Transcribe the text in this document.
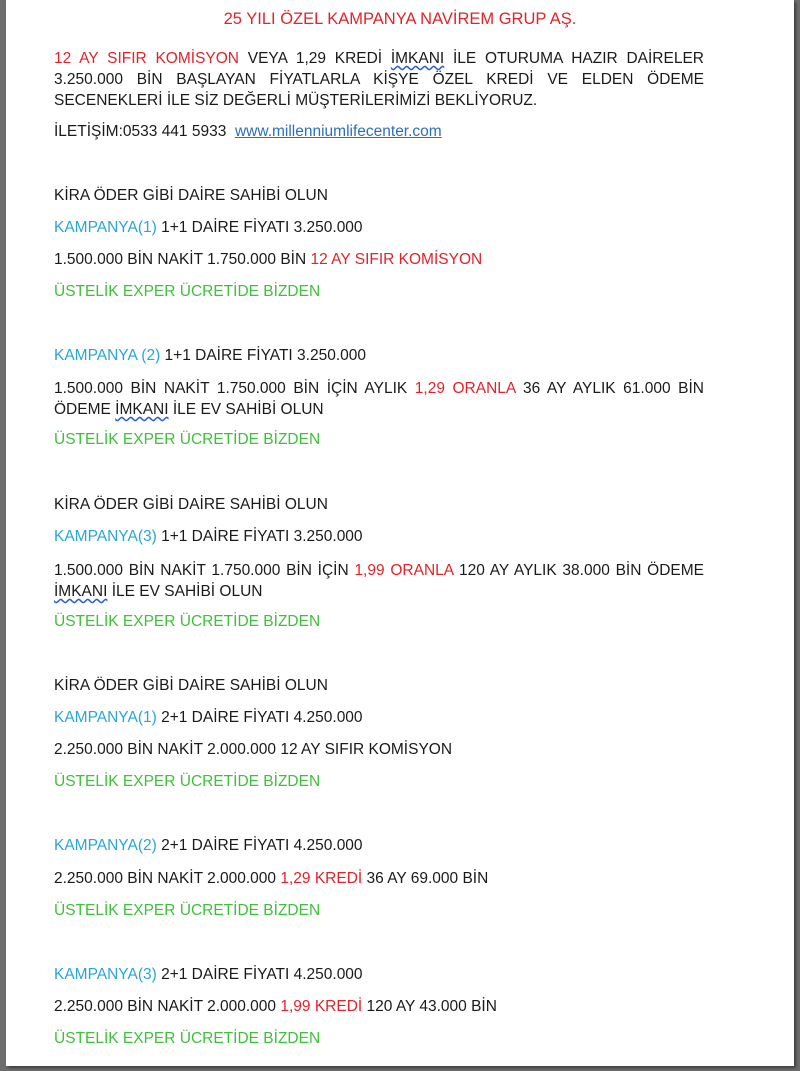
25 YILI ÖZEL KAMPANYA NAVİREM GRUP AŞ.
12 AY SIFIR KOMİSYON VEYA 1,29 KREDİ İMKANI İLE OTURUMA HAZIR DAİRELER 3.250.000 BİN BAŞLAYAN FİYATLARLA KİŞYE ÖZEL KREDİ VE ELDEN ÖDEME SECENEKLERİ İLE SİZ DEĞERLİ MÜŞTERİLERİMİZİ BEKLİYORUZ.
İLETİŞİM:0533 441 5933 www.millenniumlifecenter.com
KİRA ÖDER GİBİ DAİRE SAHİBİ OLUN
KAMPANYA(1) 1+1 DAİRE FİYATI 3.250.000
1.500.000 BİN NAKİT 1.750.000 BİN 12 AY SIFIR KOMİSYON
ÜSTELİK EXPER ÜCRETİDE BİZDEN
KAMPANYA (2) 1+1 DAİRE FİYATI 3.250.000
1.500.000 BİN NAKİT 1.750.000 BİN İÇİN AYLIK 1,29 ORANLA 36 AY AYLIK 61.000 BİN ÖDEME İMKANI İLE EV SAHİBİ OLUN
ÜSTELİK EXPER ÜCRETİDE BİZDEN
KİRA ÖDER GİBİ DAİRE SAHİBİ OLUN
KAMPANYA(3) 1+1 DAİRE FİYATI 3.250.000
1.500.000 BİN NAKİT 1.750.000 BİN İÇİN 1,99 ORANLA 120 AY AYLIK 38.000 BİN ÖDEME İMKANI İLE EV SAHİBİ OLUN
ÜSTELİK EXPER ÜCRETİDE BİZDEN
KİRA ÖDER GİBİ DAİRE SAHİBİ OLUN
KAMPANYA(1) 2+1 DAİRE FİYATI 4.250.000
2.250.000 BİN NAKİT 2.000.000 12 AY SIFIR KOMİSYON
ÜSTELİK EXPER ÜCRETİDE BİZDEN
KAMPANYA(2) 2+1 DAİRE FİYATI 4.250.000
2.250.000 BİN NAKİT 2.000.000 1,29 KREDİ 36 AY 69.000 BİN
ÜSTELİK EXPER ÜCRETİDE BİZDEN
KAMPANYA(3) 2+1 DAİRE FİYATI 4.250.000
2.250.000 BİN NAKİT 2.000.000 1,99 KREDİ 120 AY 43.000 BİN
ÜSTELİK EXPER ÜCRETİDE BİZDEN
